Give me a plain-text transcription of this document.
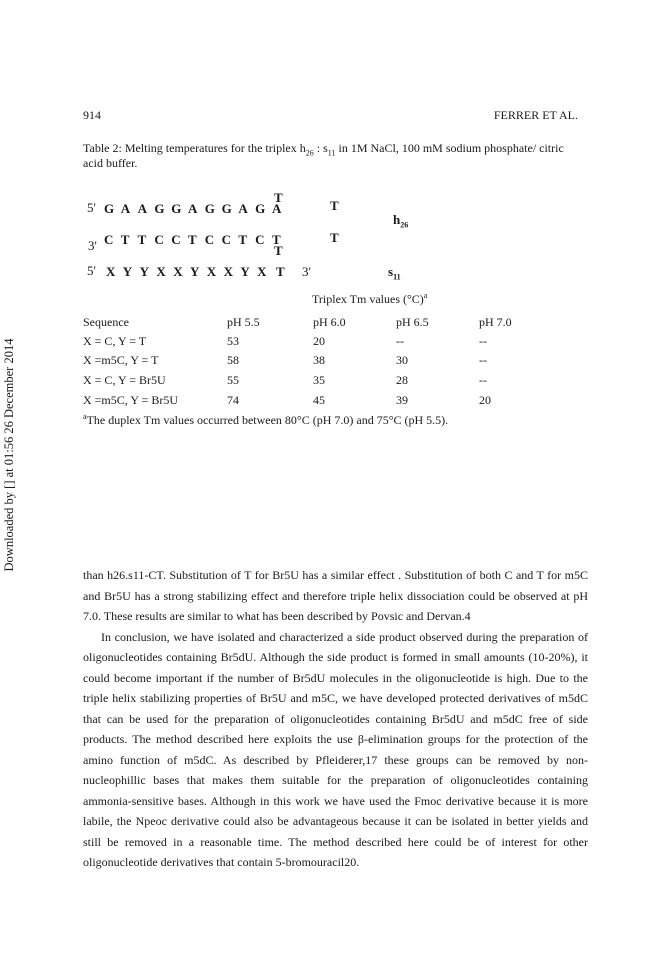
Downloaded by [] at 01:56 26 December 2014
914	FERRER ET AL.
Table 2: Melting temperatures for the triplex $h_{26}$ : $s_{11}$ in 1M NaCl, 100 mM sodium phosphate/ citric acid buffer.
T
5' G A A G G A G G A G A	T
$h_{26}$
3' C T T C C T C C T C T	T
T
5' X Y Y X X Y X X Y X T 3'	$s_{11}$
Triplex Tm values $(^\circ C)^a$
Sequence	pH 5.5	pH 6.0	pH 6.5	pH 7.0
X = C, Y = T	53	20	--	--
X =m5C, Y = T	58	38	30	--
X = C, Y = Br5U	55	35	28	--
X =m5C, Y = Br5U	74	45	39	20
$^a$The duplex Tm values occurred between 80°C (pH 7.0) and 75°C (pH 5.5).

than h26.s11-CT. Substitution of T for Br5U has a similar effect . Substitution of both C and T for m5C and Br5U has a strong stabilizing effect and therefore triple helix dissociation could be observed at pH 7.0. These results are similar to what has been described by Povsic and Dervan.4

In conclusion, we have isolated and characterized a side product observed during the preparation of oligonucleotides containing Br5dU. Although the side product is formed in small amounts (10-20%), it could become important if the number of Br5dU molecules in the oligonucleotide is high. Due to the triple helix stabilizing properties of Br5U and m5C, we have developed protected derivatives of m5dC that can be used for the preparation of oligonucleotides containing Br5dU and m5dC free of side products. The method described here exploits the use β-elimination groups for the protection of the amino function of m5dC. As described by Pfleiderer,17 these groups can be removed by non-nucleophillic bases that makes them suitable for the preparation of oligonucleotides containing ammonia-sensitive bases. Although in this work we have used the Fmoc derivative because it is more labile, the Npeoc derivative could also be advantageous because it can be isolated in better yields and still be removed in a reasonable time. The method described here could be of interest for other oligonucleotide derivatives that contain 5-bromouracil20.
